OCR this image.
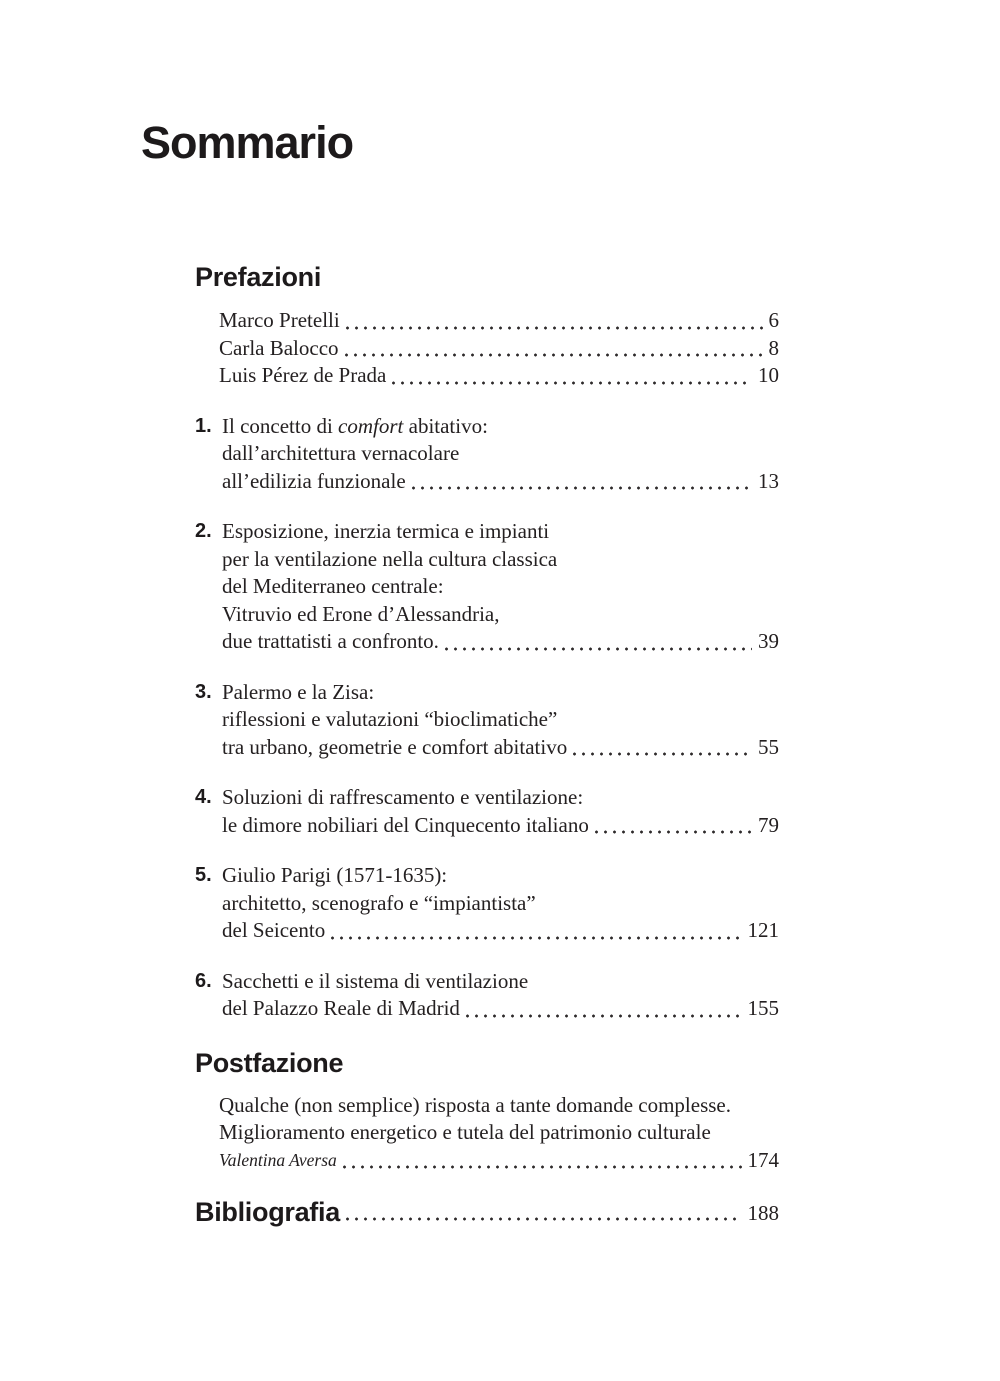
Sommario
Prefazioni
Marco Pretelli	6
Carla Balocco	8
Luis Pérez de Prada	10
1. Il concetto di comfort abitativo:
dall’architettura vernacolare
all’edilizia funzionale	13
2. Esposizione, inerzia termica e impianti
per la ventilazione nella cultura classica
del Mediterraneo centrale:
Vitruvio ed Erone d’Alessandria,
due trattatisti a confronto.	39
3. Palermo e la Zisa:
riflessioni e valutazioni “bioclimatiche”
tra urbano, geometrie e comfort abitativo	55
4. Soluzioni di raffrescamento e ventilazione:
le dimore nobiliari del Cinquecento italiano	79
5. Giulio Parigi (1571-1635):
architetto, scenografo e “impiantista”
del Seicento	121
6. Sacchetti e il sistema di ventilazione
del Palazzo Reale di Madrid	155
Postfazione
Qualche (non semplice) risposta a tante domande complesse.
Miglioramento energetico e tutela del patrimonio culturale
Valentina Aversa	174
Bibliografia	188
